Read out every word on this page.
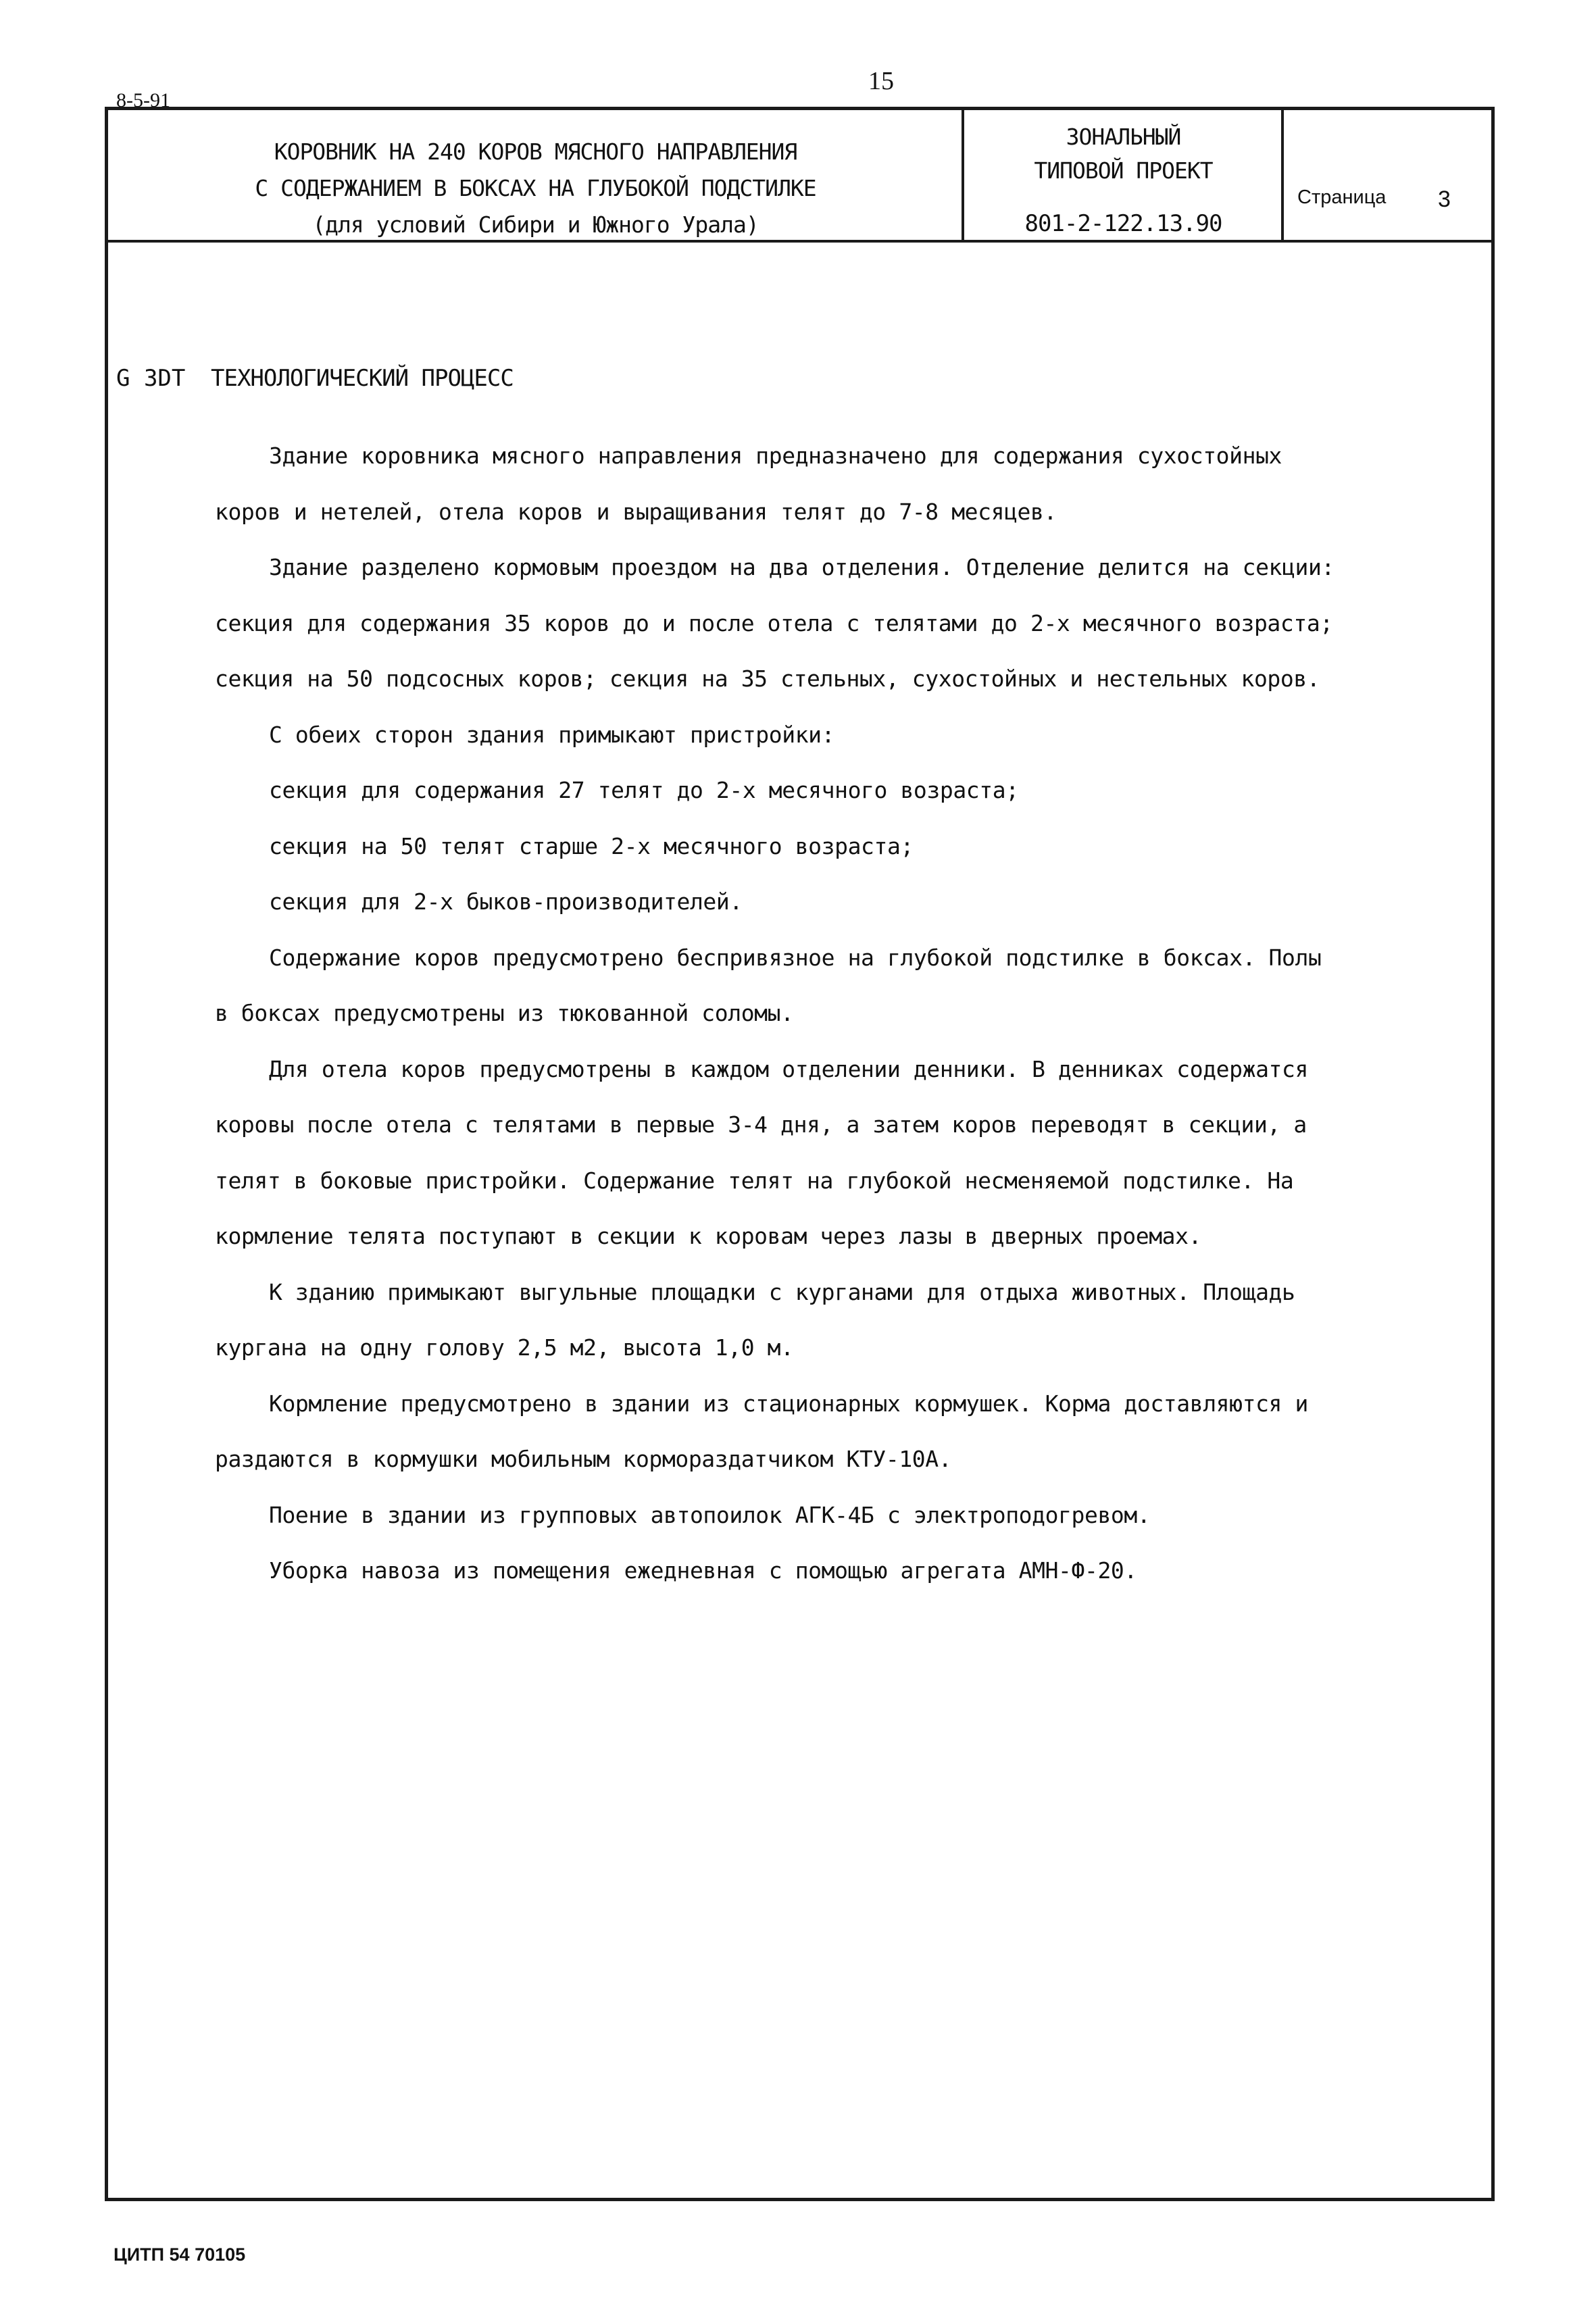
8-5-91
15
КОРОВНИК НА 240 КОРОВ МЯСНОГО НАПРАВЛЕНИЯ
С СОДЕРЖАНИЕМ В БОКСАХ НА ГЛУБОКОЙ ПОДСТИЛКЕ
(для условий Сибири и Южного Урала)
ЗОНАЛЬНЫЙ
ТИПОВОЙ ПРОЕКТ
801-2-122.13.90
Страница 3
G 3DT ТЕХНОЛОГИЧЕСКИЙ ПРОЦЕСС
Здание коровника мясного направления предназначено для содержания сухостойных
коров и нетелей, отела коров и выращивания телят до 7-8 месяцев.
Здание разделено кормовым проездом на два отделения. Отделение делится на секции:
секция для содержания 35 коров до и после отела с телятами до 2-х месячного возраста;
секция на 50 подсосных коров; секция на 35 стельных, сухостойных и нестельных коров.
С обеих сторон здания примыкают пристройки:
секция для содержания 27 телят до 2-х месячного возраста;
секция на 50 телят старше 2-х месячного возраста;
секция для 2-х быков-производителей.
Содержание коров предусмотрено беспривязное на глубокой подстилке в боксах. Полы
в боксах предусмотрены из тюкованной соломы.
Для отела коров предусмотрены в каждом отделении денники. В денниках содержатся
коровы после отела с телятами в первые 3-4 дня, а затем коров переводят в секции, а
телят в боковые пристройки. Содержание телят на глубокой несменяемой подстилке. На
кормление телята поступают в секции к коровам через лазы в дверных проемах.
К зданию примыкают выгульные площадки с курганами для отдыха животных. Площадь
кургана на одну голову 2,5 м2, высота 1,0 м.
Кормление предусмотрено в здании из стационарных кормушек. Корма доставляются и
раздаются в кормушки мобильным кормораздатчиком КТУ-10А.
Поение в здании из групповых автопоилок АГК-4Б с электроподогревом.
Уборка навоза из помещения ежедневная с помощью агрегата АМН-Ф-20.
ЦИТП 54 70105
